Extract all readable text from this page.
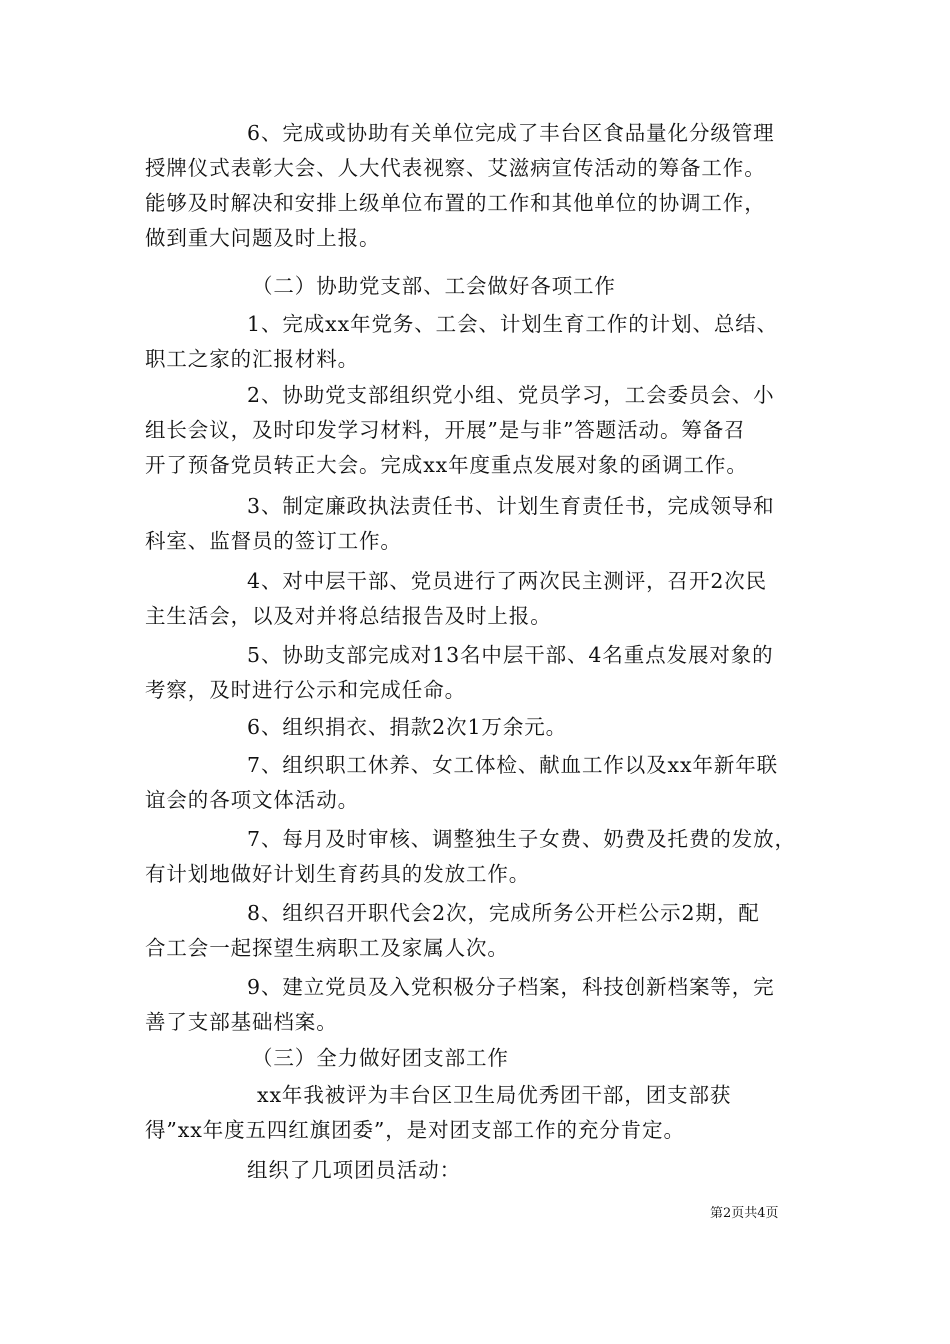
6、完成或协助有关单位完成了丰台区食品量化分级管理
授牌仪式表彰大会、人大代表视察、艾滋病宣传活动的筹备工作。
能够及时解决和安排上级单位布置的工作和其他单位的协调工作，
做到重大问题及时上报。
（二）协助党支部、工会做好各项工作
1、完成xx年党务、工会、计划生育工作的计划、总结、
职工之家的汇报材料。
2、协助党支部组织党小组、党员学习，工会委员会、小
组长会议，及时印发学习材料，开展”是与非”答题活动。筹备召
开了预备党员转正大会。完成xx年度重点发展对象的函调工作。
3、制定廉政执法责任书、计划生育责任书，完成领导和
科室、监督员的签订工作。
4、对中层干部、党员进行了两次民主测评，召开2次民
主生活会，以及对并将总结报告及时上报。
5、协助支部完成对13名中层干部、4名重点发展对象的
考察，及时进行公示和完成任命。
6、组织捐衣、捐款2次1万余元。
7、组织职工休养、女工体检、献血工作以及xx年新年联
谊会的各项文体活动。
7、每月及时审核、调整独生子女费、奶费及托费的发放，
有计划地做好计划生育药具的发放工作。
8、组织召开职代会2次，完成所务公开栏公示2期，配
合工会一起探望生病职工及家属人次。
9、建立党员及入党积极分子档案，科技创新档案等，完
善了支部基础档案。
（三）全力做好团支部工作
xx年我被评为丰台区卫生局优秀团干部，团支部获
得”xx年度五四红旗团委”，是对团支部工作的充分肯定。
组织了几项团员活动：
第2页共4页
